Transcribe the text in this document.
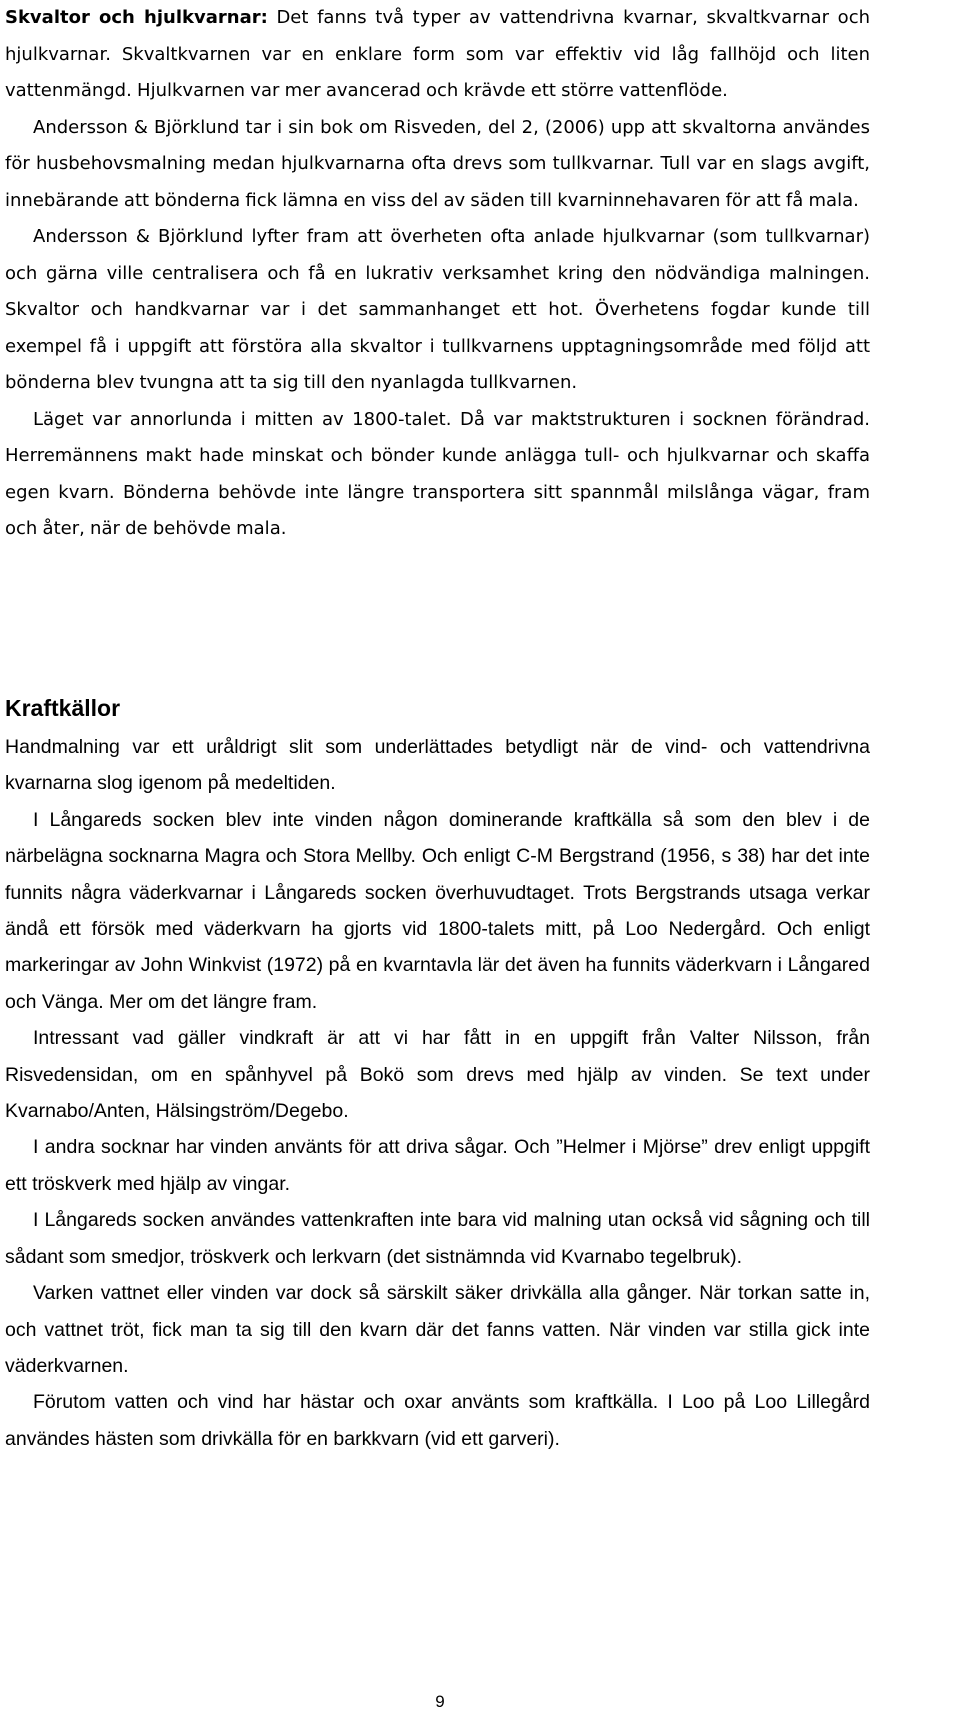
Skvaltor och hjulkvarnar: Det fanns två typer av vattendrivna kvarnar, skvaltkvarnar och hjulkvarnar. Skvaltkvarnen var en enklare form som var effektiv vid låg fallhöjd och liten vattenmängd. Hjulkvarnen var mer avancerad och krävde ett större vattenflöde.

Andersson & Björklund tar i sin bok om Risveden, del 2, (2006) upp att skvaltorna användes för husbehovsmalning medan hjulkvarnarna ofta drevs som tullkvarnar. Tull var en slags avgift, innebärande att bönderna fick lämna en viss del av säden till kvarninnehavaren för att få mala.

Andersson & Björklund lyfter fram att överheten ofta anlade hjulkvarnar (som tullkvarnar) och gärna ville centralisera och få en lukrativ verksamhet kring den nödvändiga malningen. Skvaltor och handkvarnar var i det sammanhanget ett hot. Överhetens fogdar kunde till exempel få i uppgift att förstöra alla skvaltor i tullkvarnens upptagningsområde med följd att bönderna blev tvungna att ta sig till den nyanlagda tullkvarnen.

Läget var annorlunda i mitten av 1800-talet. Då var maktstrukturen i socknen förändrad. Herremännens makt hade minskat och bönder kunde anlägga tull- och hjulkvarnar och skaffa egen kvarn. Bönderna behövde inte längre transportera sitt spannmål milslånga vägar, fram och åter, när de behövde mala.

Kraftkällor

Handmalning var ett uråldrigt slit som underlättades betydligt när de vind- och vattendrivna kvarnarna slog igenom på medeltiden.

I Långareds socken blev inte vinden någon dominerande kraftkälla så som den blev i de närbelägna socknarna Magra och Stora Mellby. Och enligt C-M Bergstrand (1956, s 38) har det inte funnits några väderkvarnar i Långareds socken överhuvudtaget. Trots Bergstrands utsaga verkar ändå ett försök med väderkvarn ha gjorts vid 1800-talets mitt, på Loo Nedergård. Och enligt markeringar av John Winkvist (1972) på en kvarntavla lär det även ha funnits väderkvarn i Långared och Vänga. Mer om det längre fram.

Intressant vad gäller vindkraft är att vi har fått in en uppgift från Valter Nilsson, från Risvedensidan, om en spånhyvel på Bokö som drevs med hjälp av vinden. Se text under Kvarnabo/Anten, Hälsingström/Degebo.

I andra socknar har vinden använts för att driva sågar. Och ”Helmer i Mjörse” drev enligt uppgift ett tröskverk med hjälp av vingar.

I Långareds socken användes vattenkraften inte bara vid malning utan också vid sågning och till sådant som smedjor, tröskverk och lerkvarn (det sistnämnda vid Kvarnabo tegelbruk).

Varken vattnet eller vinden var dock så särskilt säker drivkälla alla gånger. När torkan satte in, och vattnet tröt, fick man ta sig till den kvarn där det fanns vatten. När vinden var stilla gick inte väderkvarnen.

Förutom vatten och vind har hästar och oxar använts som kraftkälla. I Loo på Loo Lillegård användes hästen som drivkälla för en barkkvarn (vid ett garveri).

9
